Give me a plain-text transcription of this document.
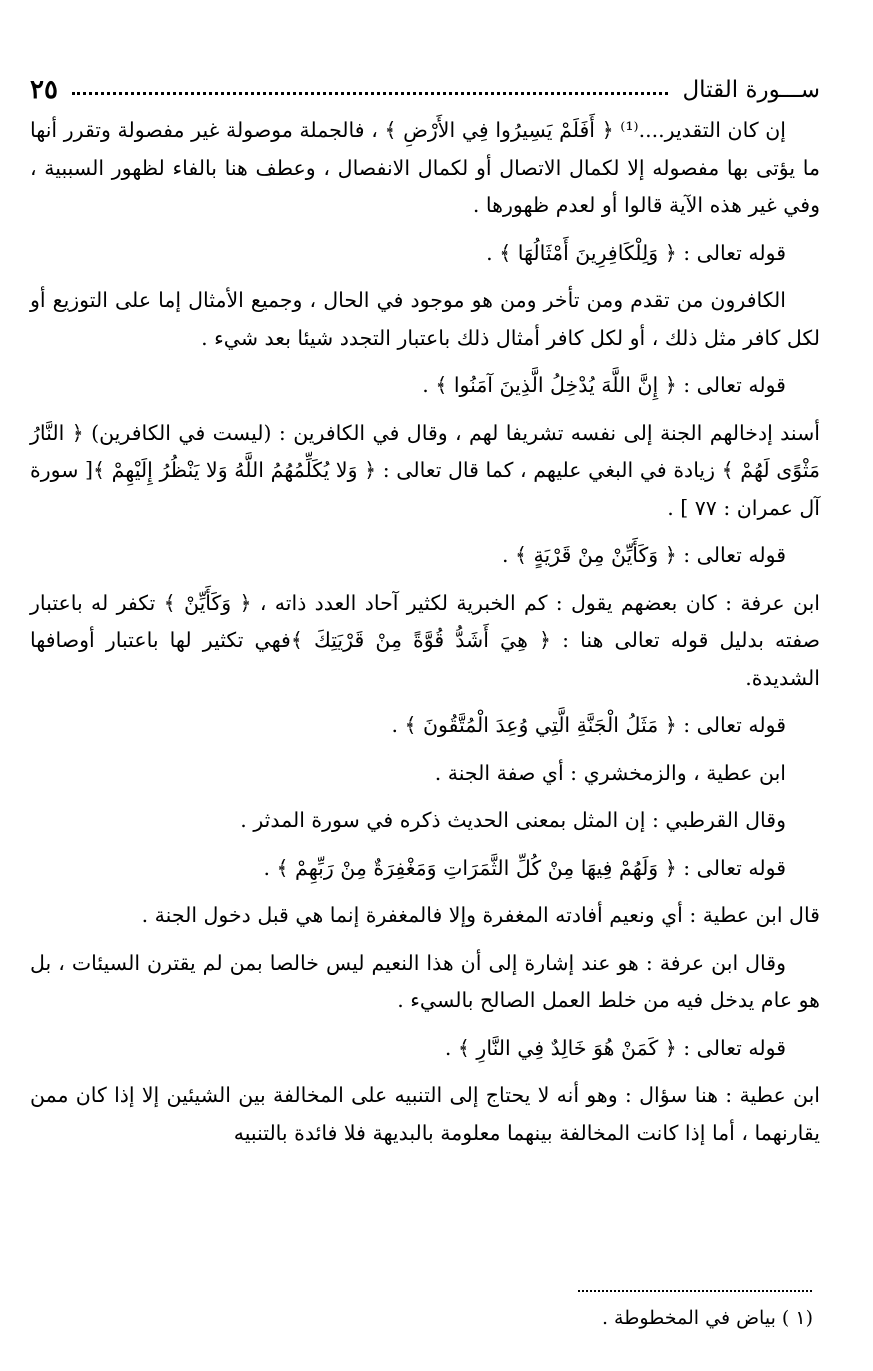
ســـورة القتال
٢٥

إن كان التقدير....⁽¹⁾ ﴿ أَفَلَمْ يَسِيرُوا فِي الأَرْضِ ﴾ ، فالجملة موصولة غير مفصولة وتقرر أنها ما يؤتى بها مفصوله إلا لكمال الاتصال أو لكمال الانفصال ، وعطف هنا بالفاء لظهور السببية ، وفي غير هذه الآية قالوا أو لعدم ظهورها .

قوله تعالى : ﴿ وَلِلْكَافِرِينَ أَمْثَالُهَا ﴾ .

الكافرون من تقدم ومن تأخر ومن هو موجود في الحال ، وجميع الأمثال إما على التوزيع أو لكل كافر مثل ذلك ، أو لكل كافر أمثال ذلك باعتبار التجدد شيئا بعد شيء .

قوله تعالى : ﴿ إِنَّ اللَّهَ يُدْخِلُ الَّذِينَ آمَنُوا ﴾ .

أسند إدخالهم الجنة إلى نفسه تشريفا لهم ، وقال في الكافرين : (ليست في الكافرين) ﴿ النَّارُ مَثْوًى لَهُمْ ﴾ زيادة في البغي عليهم ، كما قال تعالى : ﴿ وَلا يُكَلِّمُهُمُ اللَّهُ وَلا يَنْظُرُ إِلَيْهِمْ ﴾[ سورة آل عمران : ٧٧ ] .

قوله تعالى : ﴿ وَكَأَيِّنْ مِنْ قَرْيَةٍ ﴾ .

ابن عرفة : كان بعضهم يقول : كم الخبرية لكثير آحاد العدد ذاته ، ﴿ وَكَأَيِّنْ ﴾ تكفر له باعتبار صفته بدليل قوله تعالى هنا : ﴿ هِيَ أَشَدُّ قُوَّةً مِنْ قَرْيَتِكَ ﴾فهي تكثير لها باعتبار أوصافها الشديدة.

قوله تعالى : ﴿ مَثَلُ الْجَنَّةِ الَّتِي وُعِدَ الْمُتَّقُونَ ﴾ .

ابن عطية ، والزمخشري : أي صفة الجنة .

وقال القرطبي : إن المثل بمعنى الحديث ذكره في سورة المدثر .

قوله تعالى : ﴿ وَلَهُمْ فِيهَا مِنْ كُلِّ الثَّمَرَاتِ وَمَغْفِرَةٌ مِنْ رَبِّهِمْ ﴾ .

قال ابن عطية : أي ونعيم أفادته المغفرة وإلا فالمغفرة إنما هي قبل دخول الجنة .

وقال ابن عرفة : هو عند إشارة إلى أن هذا النعيم ليس خالصا بمن لم يقترن السيئات ، بل هو عام يدخل فيه من خلط العمل الصالح بالسيء .

قوله تعالى : ﴿ كَمَنْ هُوَ خَالِدٌ فِي النَّارِ ﴾ .

ابن عطية : هنا سؤال : وهو أنه لا يحتاج إلى التنبيه على المخالفة بين الشيئين إلا إذا كان ممن يقارنهما ، أما إذا كانت المخالفة بينهما معلومة بالبديهة فلا فائدة بالتنبيه

(١ ) بياض في المخطوطة .
